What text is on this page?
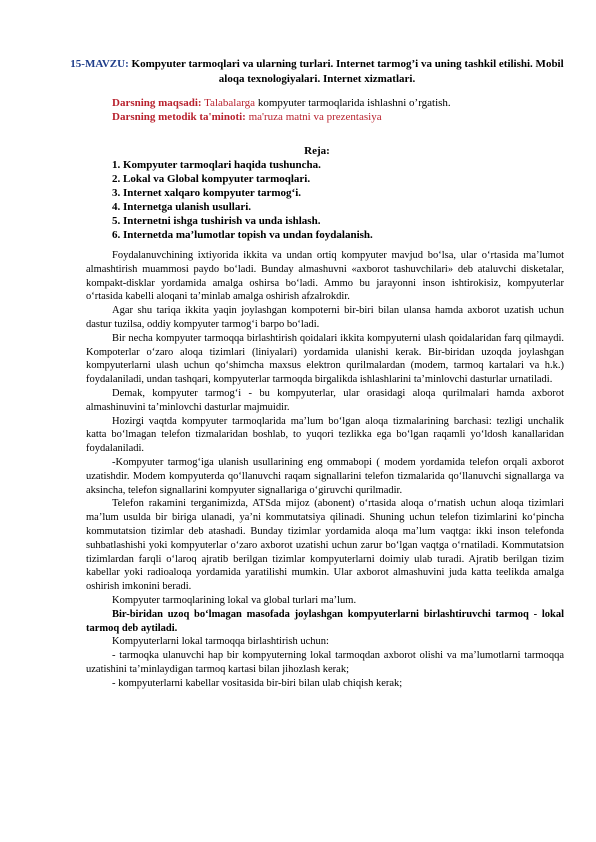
15-MAVZU: Kompyuter tarmoqlari va ularning turlari. Internet tarmog’i va uning tashkil etilishi. Mobil aloqa texnologiyalari. Internet xizmatlari.
Darsning maqsadi: Talabalarga kompyuter tarmoqlarida ishlashni o’rgatish.
Darsning metodik ta'minoti: ma'ruza matni va prezentasiya
Reja:
1. Kompyuter tarmoqlari haqida tushuncha.
2. Lokal va Global kompyuter tarmoqlari.
3. Internet xalqaro kompyuter tarmog‘i.
4. Internetga ulanish usullari.
5. Internetni ishga tushirish va unda ishlash.
6. Internetda ma’lumotlar topish va undan foydalanish.

Foydalanuvchining ixtiyorida ikkita va undan ortiq kompyuter mavjud bo‘lsa, ular o‘rtasida ma’lumot almashtirish muammosi paydo bo‘ladi. Bunday almashuvni «axborot tashuvchilari» deb ataluvchi disketalar, kompakt-disklar yordamida amalga oshirsa bo‘ladi. Ammo bu jarayonni inson ishtirokisiz, kompyuterlar o‘rtasida kabelli aloqani ta’minlab amalga oshirish afzalrokdir.

Agar shu tariqa ikkita yaqin joylashgan kompoterni bir-biri bilan ulansa hamda axborot uzatish uchun dastur tuzilsa, oddiy kompyuter tarmog‘i barpo bo‘ladi.

Bir necha kompyuter tarmoqqa birlashtirish qoidalari ikkita kompyuterni ulash qoidalaridan farq qilmaydi. Kompoterlar o‘zaro aloqa tizimlari (liniyalari) yordamida ulanishi kerak. Bir-biridan uzoqda joylashgan kompyuterlarni ulash uchun qo‘shimcha maxsus elektron qurilmalardan (modem, tarmoq kartalari va h.k.) foydalaniladi, undan tashqari, kompyuterlar tarmoqda birgalikda ishlashlarini ta’minlovchi dasturlar urnatiladi.

Demak, kompyuter tarmog‘i - bu kompyuterlar, ular orasidagi aloqa qurilmalari hamda axborot almashinuvini ta’minlovchi dasturlar majmuidir.

Hozirgi vaqtda kompyuter tarmoqlarida ma’lum bo‘lgan aloqa tizmalarining barchasi: tezligi unchalik katta bo‘lmagan telefon tizmalaridan boshlab, to yuqori tezlikka ega bo‘lgan raqamli yo‘ldosh kanallaridan foydalaniladi.

-Kompyuter tarmog‘iga ulanish usullarining eng ommabopi ( modem yordamida telefon orqali axborot uzatishdir. Modem kompyuterda qo‘llanuvchi raqam signallarini telefon tizmalarida qo‘llanuvchi signallarga va aksincha, telefon signallarini kompyuter signallariga o‘giruvchi qurilmadir.

Telefon rakamini terganimizda, ATSda mijoz (abonent) o‘rtasida aloqa o‘rnatish uchun aloqa tizimlari ma’lum usulda bir biriga ulanadi, ya’ni kommutatsiya qilinadi. Shuning uchun telefon tizimlarini ko‘pincha kommutatsion tizimlar deb atashadi. Bunday tizimlar yordamida aloqa ma’lum vaqtga: ikki inson telefonda suhbatlashishi yoki kompyuterlar o‘zaro axborot uzatishi uchun zarur bo‘lgan vaqtga o‘rnatiladi. Kommutatsion tizimlardan farqli o‘laroq ajratib berilgan tizimlar kompyuterlarni doimiy ulab turadi. Ajratib berilgan tizim kabellar yoki radioaloqa yordamida yaratilishi mumkin. Ular axborot almashuvini juda katta teelikda amalga oshirish imkonini beradi.

Kompyuter tarmoqlarining lokal va global turlari ma’lum.

Bir-biridan uzoq bo‘lmagan masofada joylashgan kompyuterlarni birlashtiruvchi tarmoq - lokal tarmoq deb aytiladi.

Kompyuterlarni lokal tarmoqqa birlashtirish uchun:

- tarmoqka ulanuvchi hap bir kompyuterning lokal tarmoqdan axborot olishi va ma’lumotlarni tarmoqqa uzatishini ta’minlaydigan tarmoq kartasi bilan jihozlash kerak;

- kompyuterlarni kabellar vositasida bir-biri bilan ulab chiqish kerak;
